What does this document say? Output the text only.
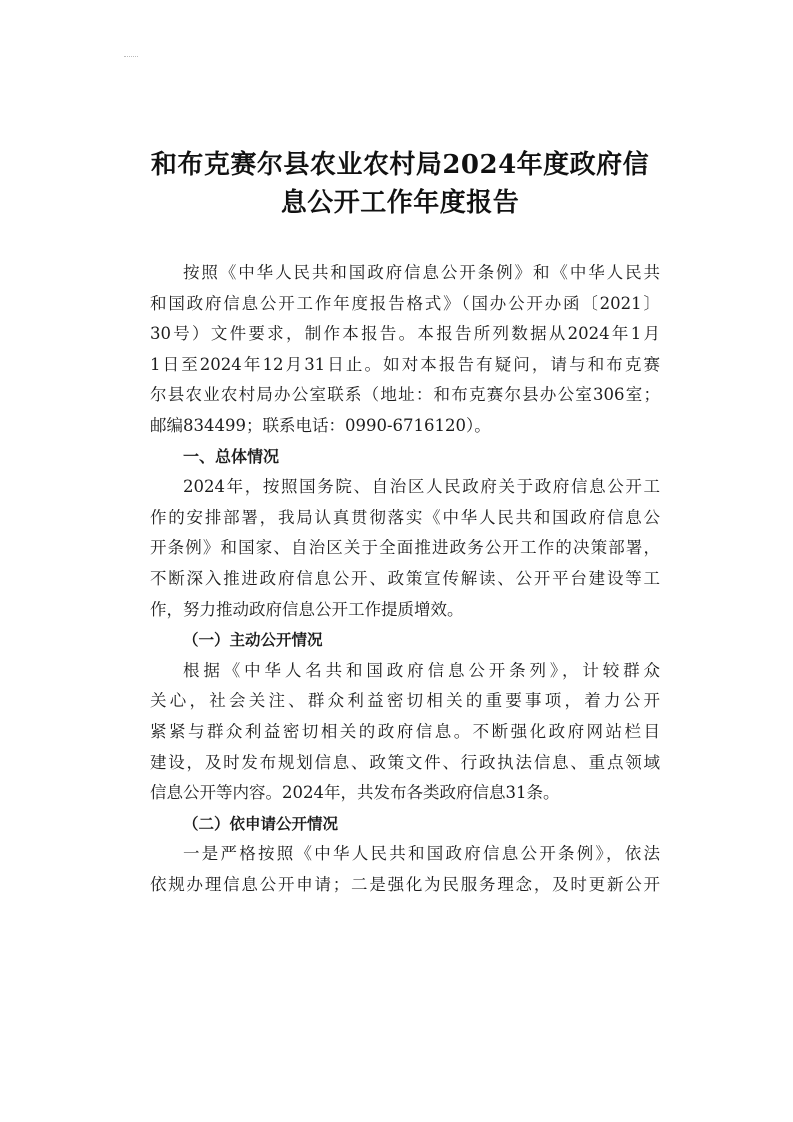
和布克赛尔县农业农村局2024年度政府信
息公开工作年度报告
按照《中华人民共和国政府信息公开条例》和《中华人民共
和国政府信息公开工作年度报告格式》（国办公开办函〔2021〕
30号）文件要求，制作本报告。本报告所列数据从2024年1月
1日至2024年12月31日止。如对本报告有疑问，请与和布克赛
尔县农业农村局办公室联系（地址：和布克赛尔县办公室306室；
邮编834499；联系电话：0990-6716120）。
一、总体情况
2024年，按照国务院、自治区人民政府关于政府信息公开工
作的安排部署，我局认真贯彻落实《中华人民共和国政府信息公
开条例》和国家、自治区关于全面推进政务公开工作的决策部署，
不断深入推进政府信息公开、政策宣传解读、公开平台建设等工
作，努力推动政府信息公开工作提质增效。
（一）主动公开情况
根据《中华人名共和国政府信息公开条列》，计较群众
关心，社会关注、群众利益密切相关的重要事项，着力公开
紧紧与群众利益密切相关的政府信息。不断强化政府网站栏目
建设，及时发布规划信息、政策文件、行政执法信息、重点领域
信息公开等内容。2024年，共发布各类政府信息31条。
（二）依申请公开情况
一是严格按照《中华人民共和国政府信息公开条例》，依法
依规办理信息公开申请；二是强化为民服务理念，及时更新公开
